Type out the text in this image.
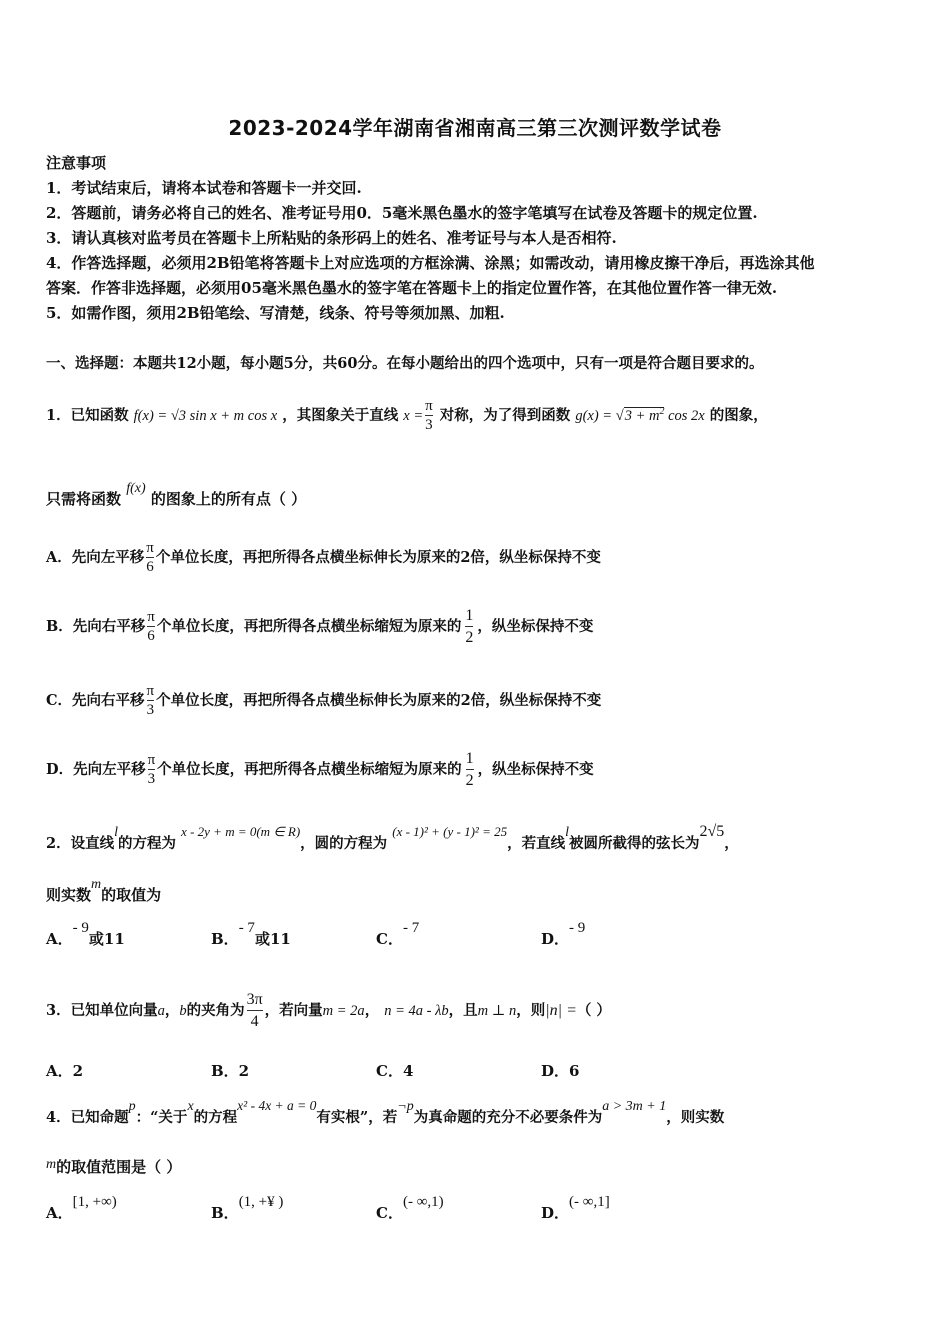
2023-2024学年湖南省湘南高三第三次测评数学试卷
注意事项
1．考试结束后，请将本试卷和答题卡一并交回.
2．答题前，请务必将自己的姓名、准考证号用0．5毫米黑色墨水的签字笔填写在试卷及答题卡的规定位置.
3．请认真核对监考员在答题卡上所粘贴的条形码上的姓名、准考证号与本人是否相符.
4．作答选择题，必须用2B铅笔将答题卡上对应选项的方框涂满、涂黑；如需改动，请用橡皮擦干净后，再选涂其他
答案．作答非选择题，必须用05毫米黑色墨水的签字笔在答题卡上的指定位置作答，在其他位置作答一律无效.
5．如需作图，须用2B铅笔绘、写清楚，线条、符号等须加黑、加粗.
一、选择题：本题共12小题，每小题5分，共60分。在每小题给出的四个选项中，只有一项是符合题目要求的。
1．已知函数 f(x) = √3 sin x + m cos x ，其图象关于直线 $x = \frac{\pi}{3}$ 对称，为了得到函数 $g(x) = √3 + m^2$ cos 2x 的图象，
只需将函数 f(x) 的图象上的所有点（ ）
A．先向左平移 $\frac{\pi}{6}$ 个单位长度，再把所得各点横坐标伸长为原来的2倍，纵坐标保持不变
B．先向右平移 $\frac{\pi}{6}$ 个单位长度，再把所得各点横坐标缩短为原来的 $\frac{1}{2}$ ，纵坐标保持不变
C．先向右平移 $\frac{\pi}{3}$ 个单位长度，再把所得各点横坐标伸长为原来的2倍，纵坐标保持不变
D．先向左平移 $\frac{\pi}{3}$ 个单位长度，再把所得各点横坐标缩短为原来的 $\frac{1}{2}$ ，纵坐标保持不变
2．设直线l的方程为 x - 2y + m = 0(m ∈ R)，圆的方程为 (x - 1)² + (y - 1)² = 25，若直线l被圆所截得的弦长为2√5，
则实数m的取值为
A．- 9或11	B．- 7或11	C．- 7
D．- 9
3．已知单位向量a，b的夹角为 $\frac{3\pi}{4}$ ，若向量m = 2a， n = 4a - λb，且m ⊥ n，则|n| =（ ）
A．2	B．2	C．4	D．6
4．已知命题p：“关于x的方程x² - 4x + a = 0有实根”，若¬p为真命题的充分不必要条件为a > 3m + 1，则实数
m的取值范围是（ ）
A．[1, +∞)
B．(1, +¥ )
C．(- ∞,1)
D．(- ∞,1]
